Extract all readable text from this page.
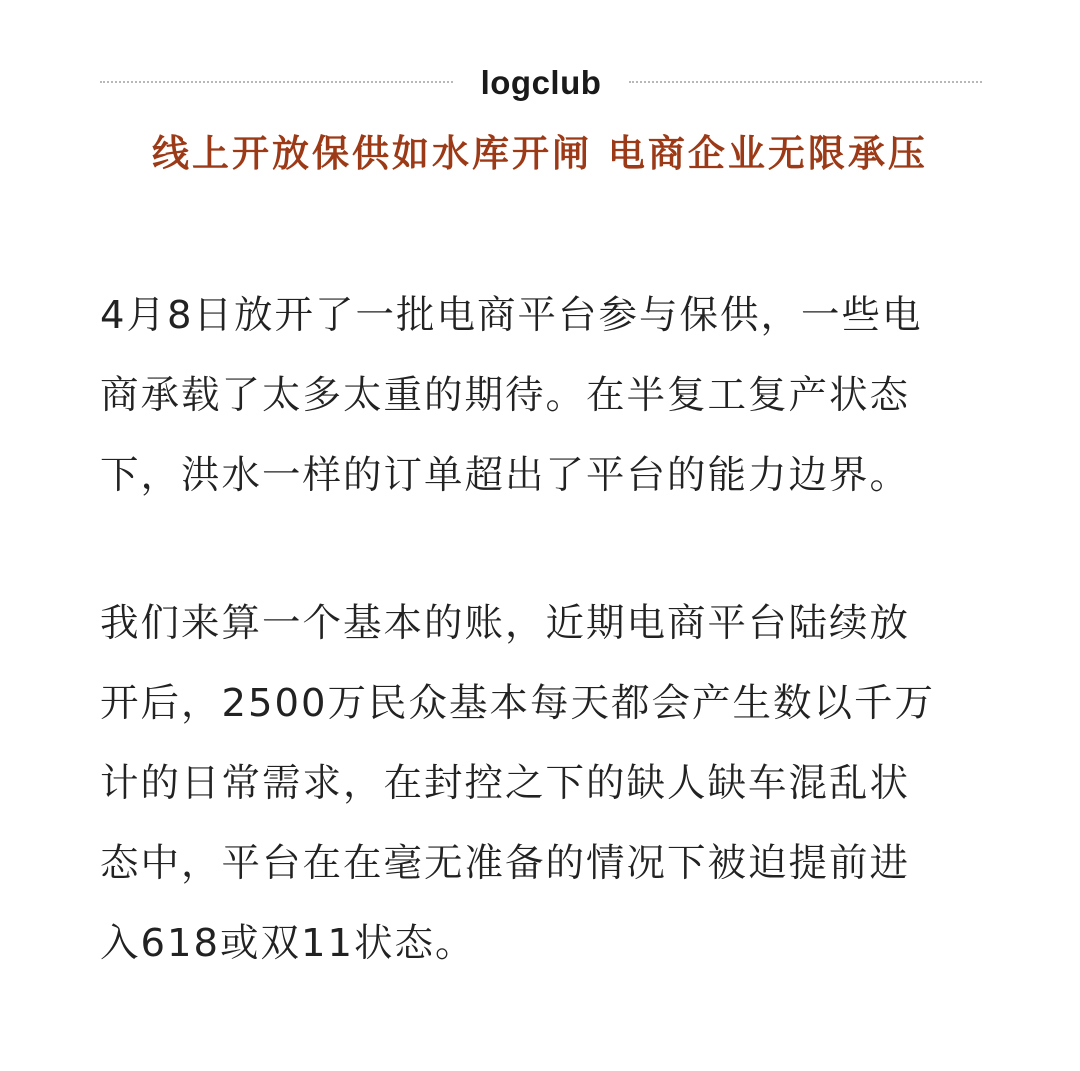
logclub
线上开放保供如水库开闸 电商企业无限承压

4月8日放开了一批电商平台参与保供，一些电
商承载了太多太重的期待。在半复工复产状态
下，洪水一样的订单超出了平台的能力边界。

我们来算一个基本的账，近期电商平台陆续放
开后，2500万民众基本每天都会产生数以千万
计的日常需求，在封控之下的缺人缺车混乱状
态中，平台在在毫无准备的情况下被迫提前进
入618或双11状态。
